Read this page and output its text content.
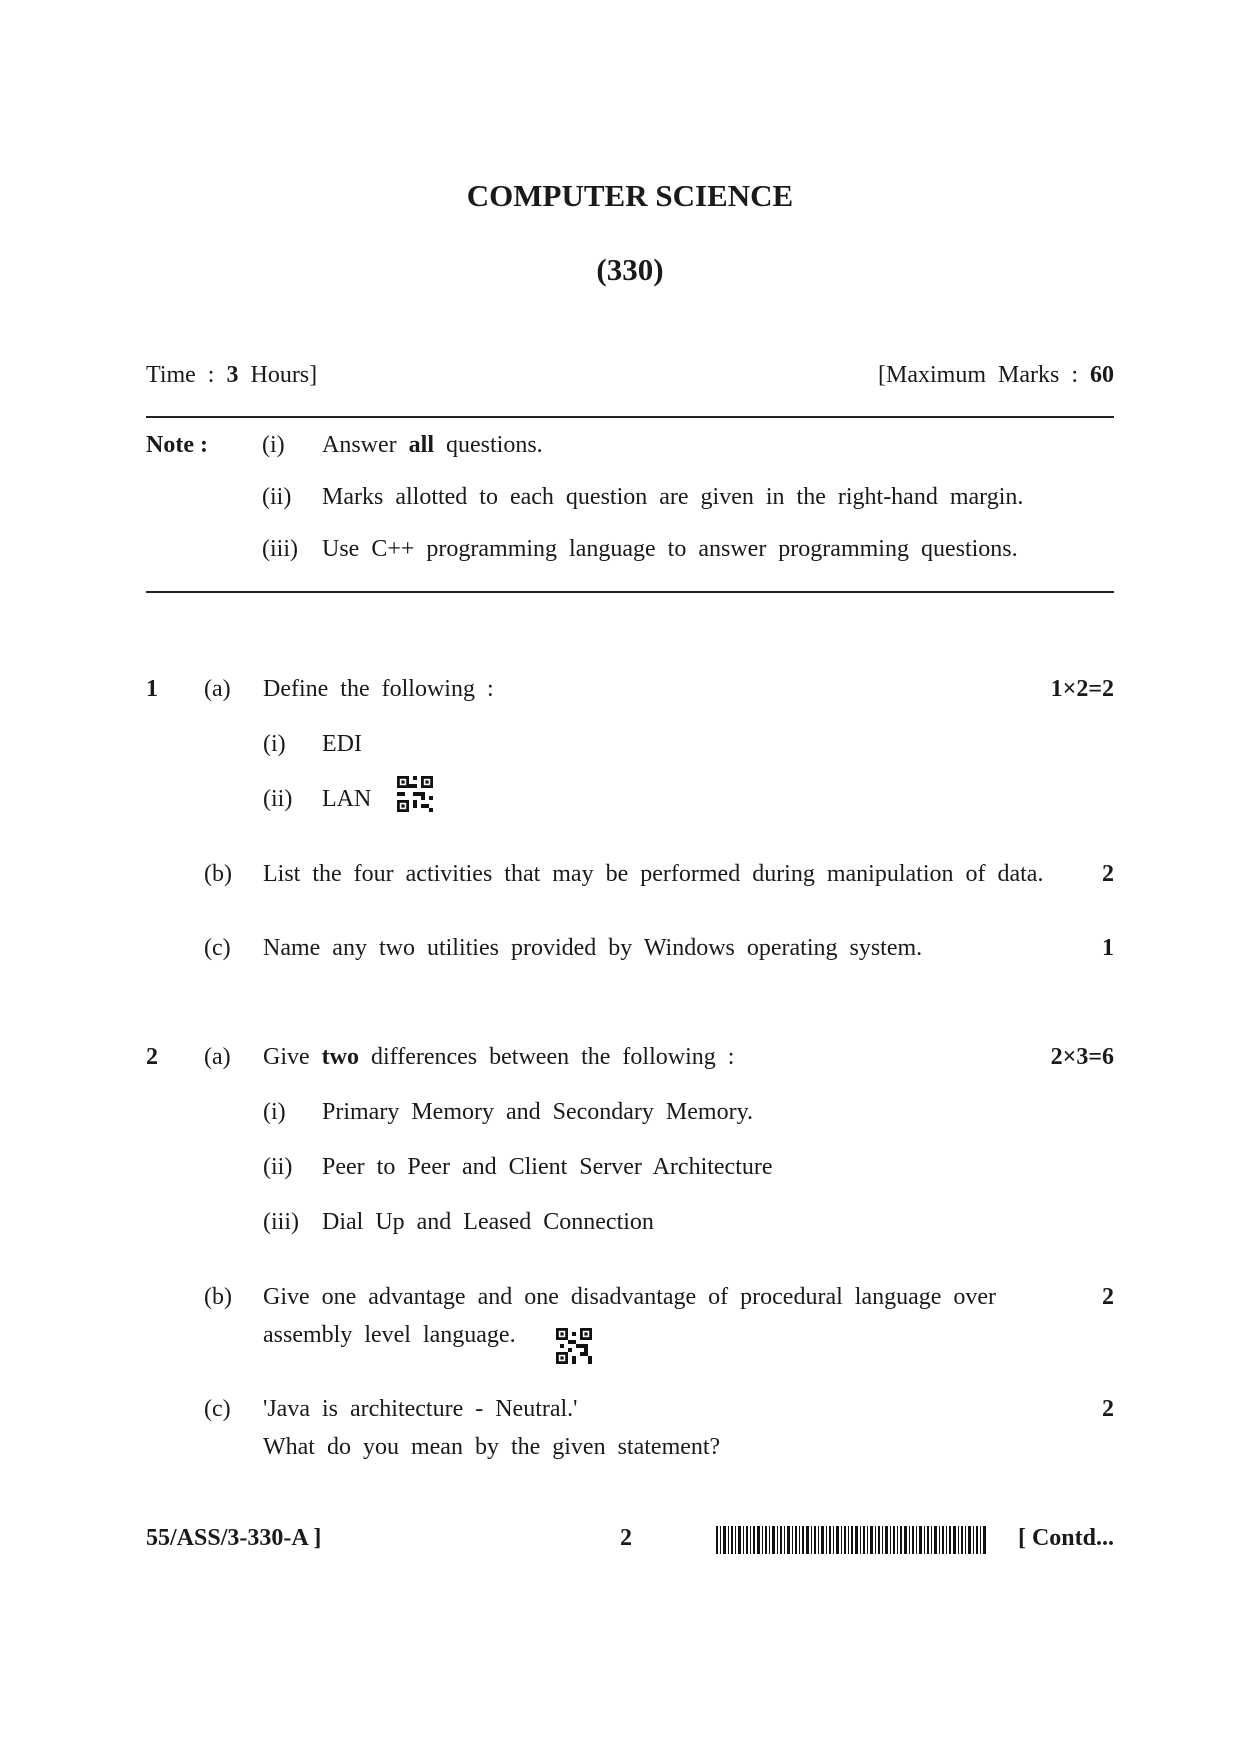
COMPUTER SCIENCE
(330)
Time  :  3  Hours]	[Maximum  Marks  :  60
Note : (i) Answer  all  questions.
(ii) Marks  allotted  to  each  question  are  given  in  the  right-hand  margin.
(iii) Use  C++  programming  language  to  answer  programming  questions.
1 (a) Define  the  following  :	1×2=2
(i) EDI
(ii) LAN
(b) List  the  four  activities  that  may  be  performed  during  manipulation  of  data. 2
(c) Name  any  two  utilities  provided  by  Windows  operating  system.	1
2 (a) Give  two  differences  between  the  following  :	2×3=6
(i) Primary  Memory  and  Secondary  Memory.
(ii) Peer  to  Peer  and  Client  Server  Architecture
(iii) Dial  Up  and  Leased  Connection
(b) Give  one  advantage  and  one  disadvantage  of  procedural  language  over
assembly  level  language.
2
(c) 'Java  is  architecture  -  Neutral.'
What  do  you  mean  by  the  given  statement?
2
55/ASS/3-330-A ]	2	[ Contd...
